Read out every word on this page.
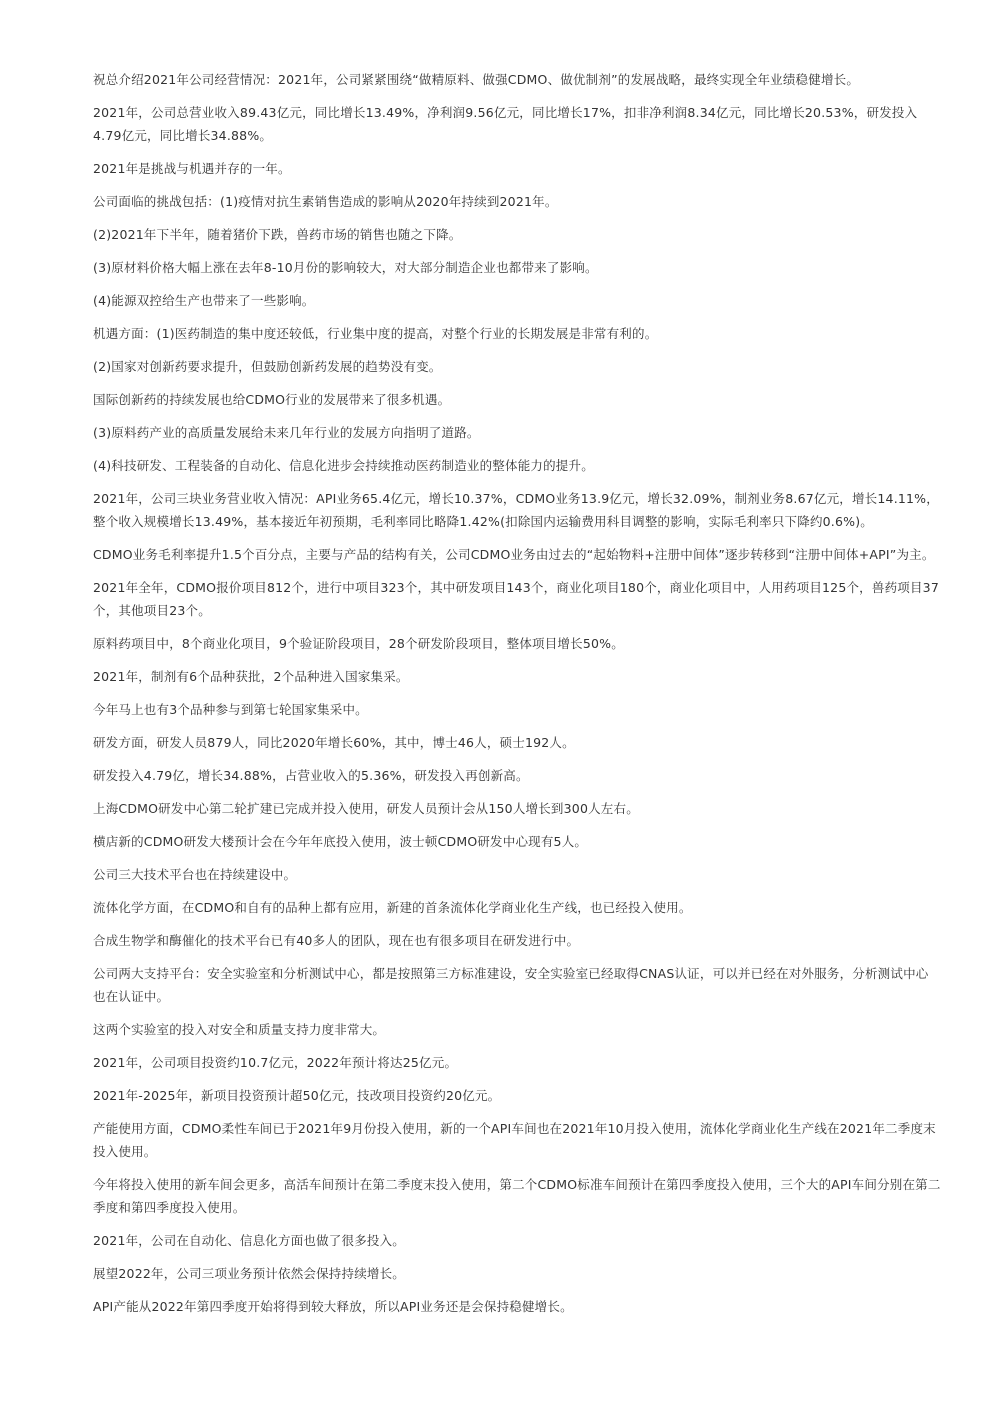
祝总介绍2021年公司经营情况：2021年，公司紧紧围绕“做精原料、做强CDMO、做优制剂”的发展战略，最终实现全年业绩稳健增长。

2021年，公司总营业收入89.43亿元，同比增长13.49%，净利润9.56亿元，同比增长17%，扣非净利润8.34亿元，同比增长20.53%，研发投入4.79亿元，同比增长34.88%。

2021年是挑战与机遇并存的一年。

公司面临的挑战包括：(1)疫情对抗生素销售造成的影响从2020年持续到2021年。

(2)2021年下半年，随着猪价下跌，兽药市场的销售也随之下降。

(3)原材料价格大幅上涨在去年8-10月份的影响较大，对大部分制造企业也都带来了影响。

(4)能源双控给生产也带来了一些影响。

机遇方面：(1)医药制造的集中度还较低，行业集中度的提高，对整个行业的长期发展是非常有利的。

(2)国家对创新药要求提升，但鼓励创新药发展的趋势没有变。

国际创新药的持续发展也给CDMO行业的发展带来了很多机遇。

(3)原料药产业的高质量发展给未来几年行业的发展方向指明了道路。

(4)科技研发、工程装备的自动化、信息化进步会持续推动医药制造业的整体能力的提升。

2021年，公司三块业务营业收入情况：API业务65.4亿元，增长10.37%，CDMO业务13.9亿元，增长32.09%，制剂业务8.67亿元，增长14.11%，整个收入规模增长13.49%，基本接近年初预期，毛利率同比略降1.42%(扣除国内运输费用科目调整的影响，实际毛利率只下降约0.6%)。

CDMO业务毛利率提升1.5个百分点，主要与产品的结构有关，公司CDMO业务由过去的“起始物料+注册中间体”逐步转移到“注册中间体+API”为主。

2021年全年，CDMO报价项目812个，进行中项目323个，其中研发项目143个，商业化项目180个，商业化项目中，人用药项目125个，兽药项目37个，其他项目23个。

原料药项目中，8个商业化项目，9个验证阶段项目，28个研发阶段项目，整体项目增长50%。

2021年，制剂有6个品种获批，2个品种进入国家集采。

今年马上也有3个品种参与到第七轮国家集采中。

研发方面，研发人员879人，同比2020年增长60%，其中，博士46人，硕士192人。

研发投入4.79亿，增长34.88%，占营业收入的5.36%，研发投入再创新高。

上海CDMO研发中心第二轮扩建已完成并投入使用，研发人员预计会从150人增长到300人左右。

横店新的CDMO研发大楼预计会在今年年底投入使用，波士顿CDMO研发中心现有5人。

公司三大技术平台也在持续建设中。

流体化学方面，在CDMO和自有的品种上都有应用，新建的首条流体化学商业化生产线，也已经投入使用。

合成生物学和酶催化的技术平台已有40多人的团队，现在也有很多项目在研发进行中。

公司两大支持平台：安全实验室和分析测试中心，都是按照第三方标准建设，安全实验室已经取得CNAS认证，可以并已经在对外服务，分析测试中心也在认证中。

这两个实验室的投入对安全和质量支持力度非常大。

2021年，公司项目投资约10.7亿元，2022年预计将达25亿元。

2021年-2025年，新项目投资预计超50亿元，技改项目投资约20亿元。

产能使用方面，CDMO柔性车间已于2021年9月份投入使用，新的一个API车间也在2021年10月投入使用，流体化学商业化生产线在2021年二季度末投入使用。

今年将投入使用的新车间会更多，高活车间预计在第二季度末投入使用，第二个CDMO标准车间预计在第四季度投入使用，三个大的API车间分别在第二季度和第四季度投入使用。

2021年，公司在自动化、信息化方面也做了很多投入。

展望2022年，公司三项业务预计依然会保持持续增长。

API产能从2022年第四季度开始将得到较大释放，所以API业务还是会保持稳健增长。
